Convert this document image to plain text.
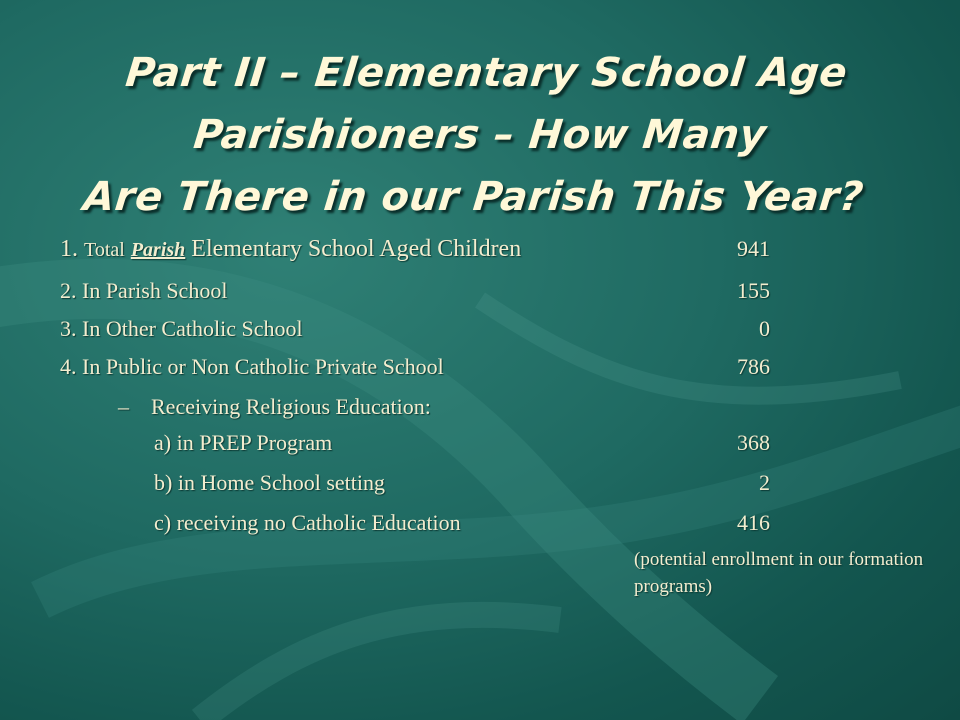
Part II – Elementary School Age Parishioners – How Many
Are There in our Parish This Year?
1. Total Parish Elementary School Aged Children	941
2. In Parish School	155
3. In Other Catholic School	0
4. In Public or Non Catholic Private School	786
– Receiving Religious Education:
a) in PREP Program	368
b) in Home School setting	2
c) receiving no Catholic Education	416
(potential enrollment in our formation programs)
